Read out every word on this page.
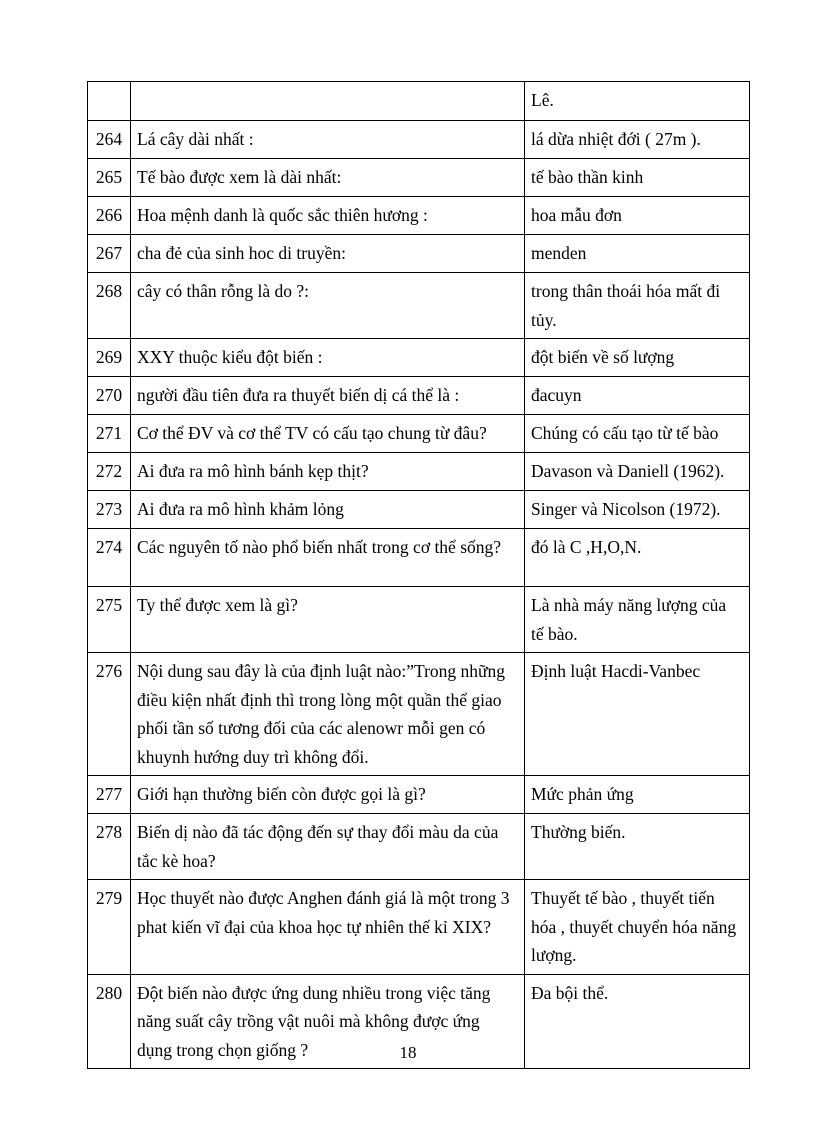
		Lê.
264	Lá cây dài nhất :	lá dừa nhiệt đới ( 27m ).
265	Tế bào được xem là dài nhất:	tế bào thần kinh
266	Hoa mệnh danh là quốc sắc thiên hương :	hoa mẫu đơn
267	cha đẻ của sinh hoc di truyền:	menden
268	cây có thân rỗng là do ?:	trong thân thoái hóa mất đi tủy.
269	XXY thuộc kiểu đột biến :	đột biến về số lượng
270	người đầu tiên đưa ra thuyết biến dị cá thể là :	đacuyn
271	Cơ thể ĐV và cơ thể TV có cấu tạo chung từ đâu?	Chúng có cấu tạo từ tế bào
272	Ai đưa ra mô hình bánh kẹp thịt?	Davason và Daniell (1962).
273	Ai đưa ra mô hình khảm lỏng	Singer và Nicolson (1972).
274	Các nguyên tố nào phổ biến nhất trong cơ thể sống?	đó là C ,H,O,N.
275	Ty thể được xem là gì?	Là nhà máy năng lượng của tế bào.
276	Nội dung sau đây là của định luật nào:”Trong những điều kiện nhất định thì trong lòng một quần thể giao phối tần số tương đối của các alenowr mỗi gen có khuynh hướng duy trì không đổi.	Định luật Hacdi-Vanbec
277	Giới hạn thường biến còn được gọi là gì?	Mức phản ứng
278	Biến dị nào đã tác động đến sự thay đổi màu da của tắc kè hoa?	Thường biến.
279	Học thuyết nào được Anghen đánh giá là một trong 3 phat kiến vĩ đại của khoa học tự nhiên thế kỉ XIX?	Thuyết tế bào , thuyết tiến hóa , thuyết chuyển hóa năng lượng.
280	Đột biến nào được ứng dung nhiều trong việc tăng năng suất cây trồng vật nuôi mà không được ứng dụng trong chọn giống ?	Đa bội thể.
18
